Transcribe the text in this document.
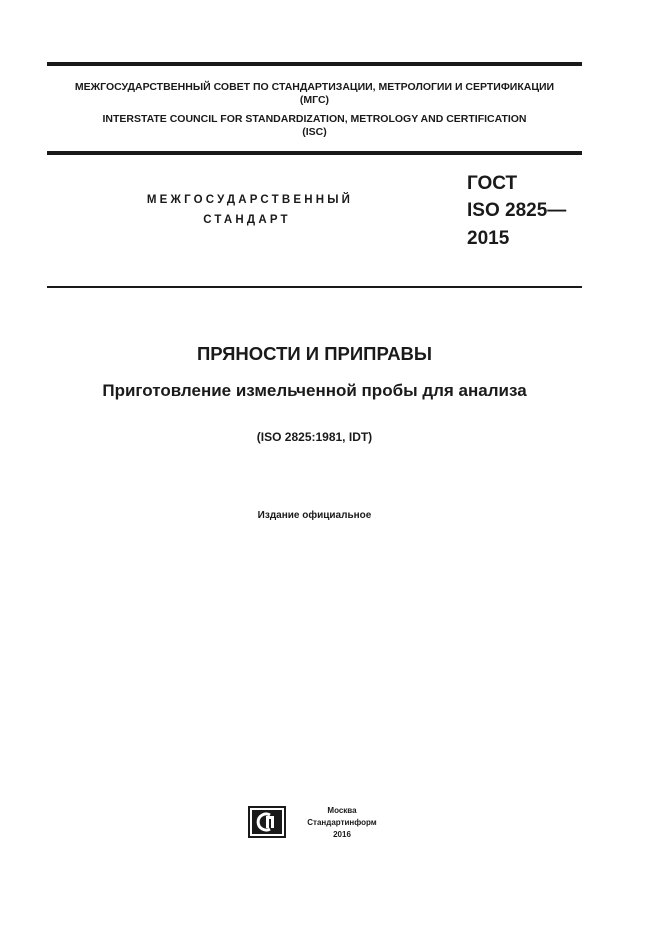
МЕЖГОСУДАРСТВЕННЫЙ СОВЕТ ПО СТАНДАРТИЗАЦИИ, МЕТРОЛОГИИ И СЕРТИФИКАЦИИ
(МГС)
INTERSTATE COUNCIL FOR STANDARDIZATION, METROLOGY AND CERTIFICATION
(ISC)
МЕЖГОСУДАРСТВЕННЫЙ
СТАНДАРТ
ГОСТ
ISO 2825—
2015
ПРЯНОСТИ И ПРИПРАВЫ
Приготовление измельченной пробы для анализа
(ISO 2825:1981, IDT)
Издание официальное
Москва
Стандартинформ
2016
